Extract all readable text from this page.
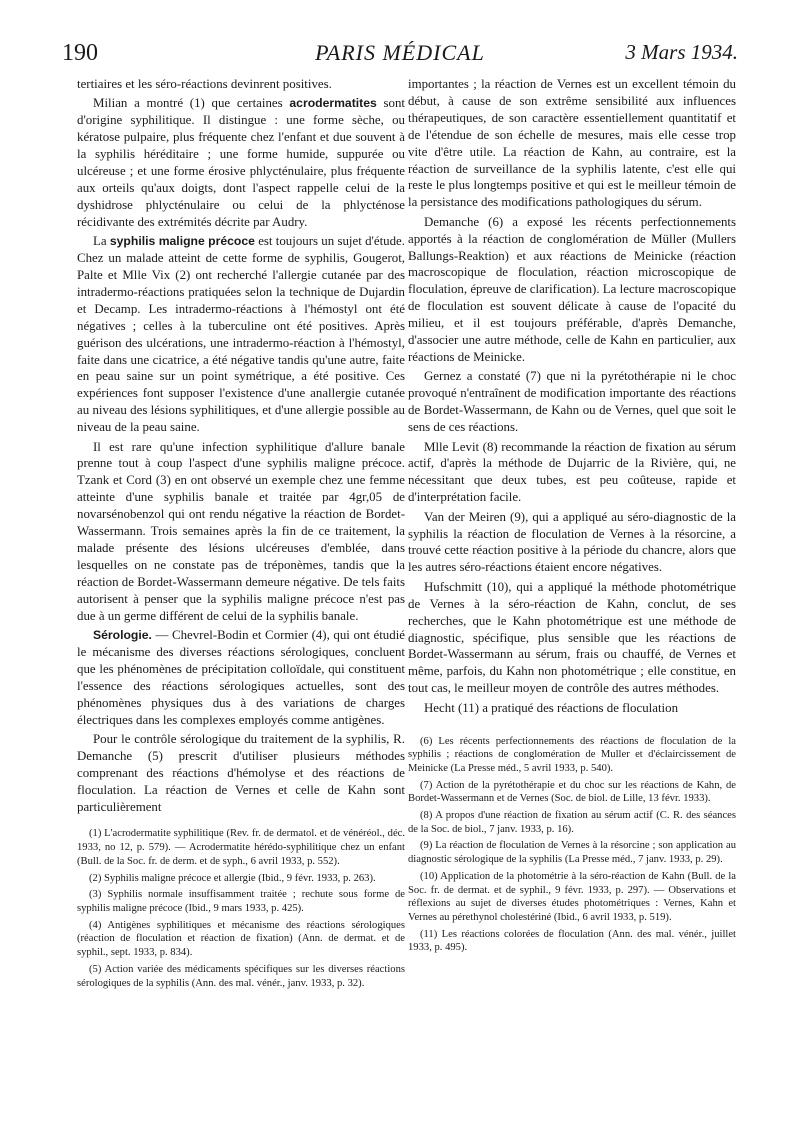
190	PARIS MÉDICAL	3 Mars 1934.

tertiaires et les séro-réactions devinrent positives.

Milian a montré (1) que certaines acrodermatites sont d'origine syphilitique. Il distingue : une forme sèche, ou kératose pulpaire, plus fréquente chez l'enfant et due souvent à la syphilis héréditaire ; une forme humide, suppurée ou ulcéreuse ; et une forme érosive phlycténulaire, plus fréquente aux orteils qu'aux doigts, dont l'aspect rappelle celui de la dyshidrose phlycténulaire ou celui de la phlycténose récidivante des extrémités décrite par Audry.

La syphilis maligne précoce est toujours un sujet d'étude. Chez un malade atteint de cette forme de syphilis, Gougerot, Palte et Mlle Vix (2) ont recherché l'allergie cutanée par des intradermo-réactions pratiquées selon la technique de Dujardin et Decamp. Les intradermo-réactions à l'hémostyl ont été négatives ; celles à la tuberculine ont été positives. Après guérison des ulcérations, une intradermo-réaction à l'hémostyl, faite dans une cicatrice, a été négative tandis qu'une autre, faite en peau saine sur un point symétrique, a été positive. Ces expériences font supposer l'existence d'une anallergie cutanée au niveau des lésions syphilitiques, et d'une allergie possible au niveau de la peau saine.

Il est rare qu'une infection syphilitique d'allure banale prenne tout à coup l'aspect d'une syphilis maligne précoce. Tzank et Cord (3) en ont observé un exemple chez une femme atteinte d'une syphilis banale et traitée par 4gr,05 de novarsénobenzol qui ont rendu négative la réaction de Bordet-Wassermann. Trois semaines après la fin de ce traitement, la malade présente des lésions ulcéreuses d'emblée, dans lesquelles on ne constate pas de tréponèmes, tandis que la réaction de Bordet-Wassermann demeure négative. De tels faits autorisent à penser que la syphilis maligne précoce n'est pas due à un germe différent de celui de la syphilis banale.

Sérologie. — Chevrel-Bodin et Cormier (4), qui ont étudié le mécanisme des diverses réactions sérologiques, concluent que les phénomènes de précipitation colloïdale, qui constituent l'essence des réactions sérologiques actuelles, sont des phénomènes physiques dus à des variations de charges électriques dans les complexes employés comme antigènes.

Pour le contrôle sérologique du traitement de la syphilis, R. Demanche (5) prescrit d'utiliser plusieurs méthodes comprenant des réactions d'hémolyse et des réactions de floculation. La réaction de Vernes et celle de Kahn sont particulièrement

(1) L'acrodermatite syphilitique (Rev. fr. de dermatol. et de vénéréol., déc. 1933, no 12, p. 579). — Acrodermatite hérédo-syphilitique chez un enfant (Bull. de la Soc. fr. de derm. et de syph., 6 avril 1933, p. 552).

(2) Syphilis maligne précoce et allergie (Ibid., 9 févr. 1933, p. 263).

(3) Syphilis normale insuffisamment traitée ; rechute sous forme de syphilis maligne précoce (Ibid., 9 mars 1933, p. 425).

(4) Antigènes syphilitiques et mécanisme des réactions sérologiques (réaction de floculation et réaction de fixation) (Ann. de dermat. et de syphil., sept. 1933, p. 834).

(5) Action variée des médicaments spécifiques sur les diverses réactions sérologiques de la syphilis (Ann. des mal. vénér., janv. 1933, p. 32).

importantes ; la réaction de Vernes est un excellent témoin du début, à cause de son extrême sensibilité aux influences thérapeutiques, de son caractère essentiellement quantitatif et de l'étendue de son échelle de mesures, mais elle cesse trop vite d'être utile. La réaction de Kahn, au contraire, est la réaction de surveillance de la syphilis latente, c'est elle qui reste le plus longtemps positive et qui est le meilleur témoin de la persistance des modifications pathologiques du sérum.

Demanche (6) a exposé les récents perfectionnements apportés à la réaction de conglomération de Müller (Mullers Ballungs-Reaktion) et aux réactions de Meinicke (réaction macroscopique de floculation, réaction microscopique de floculation, épreuve de clarification). La lecture macroscopique de floculation est souvent délicate à cause de l'opacité du milieu, et il est toujours préférable, d'après Demanche, d'associer une autre méthode, celle de Kahn en particulier, aux réactions de Meinicke.

Gernez a constaté (7) que ni la pyrétothérapie ni le choc provoqué n'entraînent de modification importante des réactions de Bordet-Wassermann, de Kahn ou de Vernes, quel que soit le sens de ces réactions.

Mlle Levit (8) recommande la réaction de fixation au sérum actif, d'après la méthode de Dujarric de la Rivière, qui, ne nécessitant que deux tubes, est peu coûteuse, rapide et d'interprétation facile.

Van der Meiren (9), qui a appliqué au séro-diagnostic de la syphilis la réaction de floculation de Vernes à la résorcine, a trouvé cette réaction positive à la période du chancre, alors que les autres séro-réactions étaient encore négatives.

Hufschmitt (10), qui a appliqué la méthode photométrique de Vernes à la séro-réaction de Kahn, conclut, de ses recherches, que le Kahn photométrique est une méthode de diagnostic, spécifique, plus sensible que les réactions de Bordet-Wassermann au sérum, frais ou chauffé, de Vernes et même, parfois, du Kahn non photométrique ; elle constitue, en tout cas, le meilleur moyen de contrôle des autres méthodes.

Hecht (11) a pratiqué des réactions de floculation

(6) Les récents perfectionnements des réactions de floculation de la syphilis ; réactions de conglomération de Muller et d'éclaircissement de Meinicke (La Presse méd., 5 avril 1933, p. 540).

(7) Action de la pyrétothérapie et du choc sur les réactions de Kahn, de Bordet-Wassermann et de Vernes (Soc. de biol. de Lille, 13 févr. 1933).

(8) A propos d'une réaction de fixation au sérum actif (C. R. des séances de la Soc. de biol., 7 janv. 1933, p. 16).

(9) La réaction de floculation de Vernes à la résorcine ; son application au diagnostic sérologique de la syphilis (La Presse méd., 7 janv. 1933, p. 29).

(10) Application de la photométrie à la séro-réaction de Kahn (Bull. de la Soc. fr. de dermat. et de syphil., 9 févr. 1933, p. 297). — Observations et réflexions au sujet de diverses études photométriques : Vernes, Kahn et Vernes au pérethynol cholestériné (Ibid., 6 avril 1933, p. 519).

(11) Les réactions colorées de floculation (Ann. des mal. vénér., juillet 1933, p. 495).
